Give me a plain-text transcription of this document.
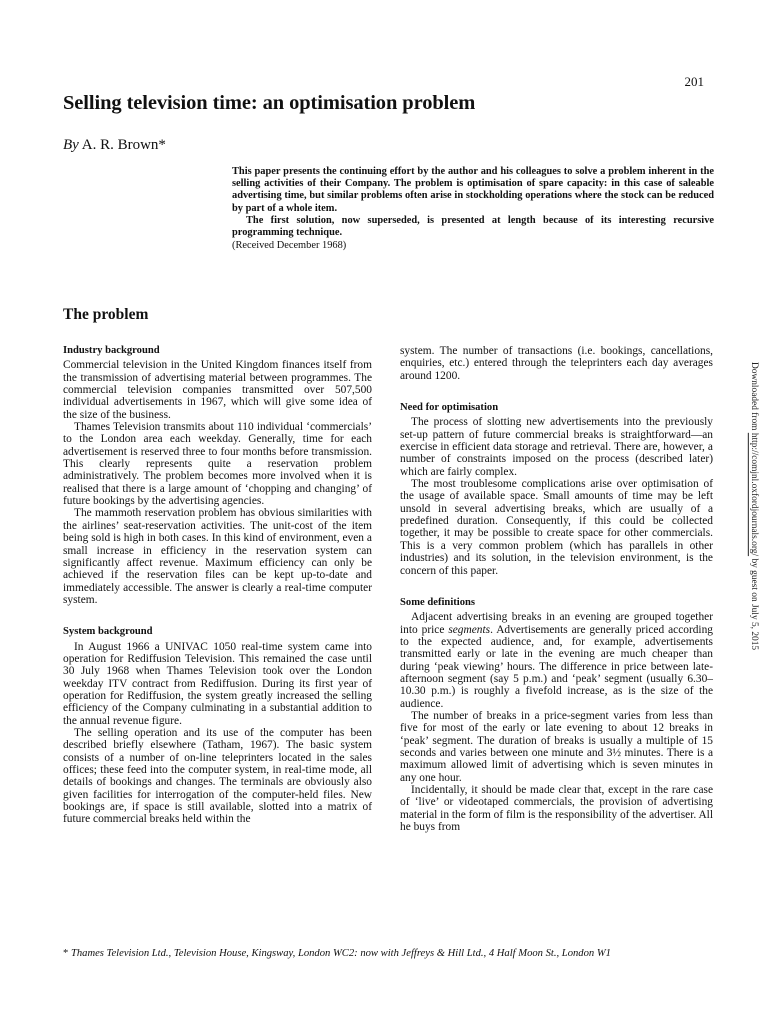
201
Selling television time: an optimisation problem
By A. R. Brown*

This paper presents the continuing effort by the author and his colleagues to solve a problem inherent in the selling activities of their Company. The problem is optimisation of spare capacity: in this case of saleable advertising time, but similar problems often arise in stockholding operations where the stock can be reduced by part of a whole item.

The first solution, now superseded, is presented at length because of its interesting recursive programming technique.

(Received December 1968)

The problem
Industry background

Commercial television in the United Kingdom finances itself from the transmission of advertising material between programmes. The commercial television companies transmitted over 507,500 individual advertisements in 1967, which will give some idea of the size of the business.

Thames Television transmits about 110 individual ‘commercials’ to the London area each weekday. Generally, time for each advertisement is reserved three to four months before transmission. This clearly represents quite a reservation problem administratively. The problem becomes more involved when it is realised that there is a large amount of ‘chopping and changing’ of future bookings by the advertising agencies.

The mammoth reservation problem has obvious similarities with the airlines’ seat-reservation activities. The unit-cost of the item being sold is high in both cases. In this kind of environment, even a small increase in efficiency in the reservation system can significantly affect revenue. Maximum efficiency can only be achieved if the reservation files can be kept up-to-date and immediately accessible. The answer is clearly a real-time computer system.

System background

In August 1966 a UNIVAC 1050 real-time system came into operation for Rediffusion Television. This remained the case until 30 July 1968 when Thames Television took over the London weekday ITV contract from Rediffusion. During its first year of operation for Rediffusion, the system greatly increased the selling efficiency of the Company culminating in a substantial addition to the annual revenue figure.

The selling operation and its use of the computer has been described briefly elsewhere (Tatham, 1967). The basic system consists of a number of on-line teleprinters located in the sales offices; these feed into the computer system, in real-time mode, all details of bookings and changes. The terminals are obviously also given facilities for interrogation of the computer-held files. New bookings are, if space is still available, slotted into a matrix of future commercial breaks held within the

system. The number of transactions (i.e. bookings, cancellations, enquiries, etc.) entered through the teleprinters each day averages around 1200.

Need for optimisation

The process of slotting new advertisements into the previously set-up pattern of future commercial breaks is straightforward—an exercise in efficient data storage and retrieval. There are, however, a number of constraints imposed on the process (described later) which are fairly complex.

The most troublesome complications arise over optimisation of the usage of available space. Small amounts of time may be left unsold in several advertising breaks, which are usually of a predefined duration. Consequently, if this could be collected together, it may be possible to create space for other commercials. This is a very common problem (which has parallels in other industries) and its solution, in the television environment, is the concern of this paper.

Some definitions

Adjacent advertising breaks in an evening are grouped together into price segments. Advertisements are generally priced according to the expected audience, and, for example, advertisements transmitted early or late in the evening are much cheaper than during ‘peak viewing’ hours. The difference in price between late-afternoon segment (say 5 p.m.) and ‘peak’ segment (usually 6.30–10.30 p.m.) is roughly a fivefold increase, as is the size of the audience.

The number of breaks in a price-segment varies from less than five for most of the early or late evening to about 12 breaks in ‘peak’ segment. The duration of breaks is usually a multiple of 15 seconds and varies between one minute and 3½ minutes. There is a maximum allowed limit of advertising which is seven minutes in any one hour.

Incidentally, it should be made clear that, except in the rare case of ‘live’ or videotaped commercials, the provision of advertising material in the form of film is the responsibility of the advertiser. All he buys from

* Thames Television Ltd., Television House, Kingsway, London WC2: now with Jeffreys & Hill Ltd., 4 Half Moon St., London W1
Downloaded from http://comjnl.oxfordjournals.org/ by guest on July 5, 2015
